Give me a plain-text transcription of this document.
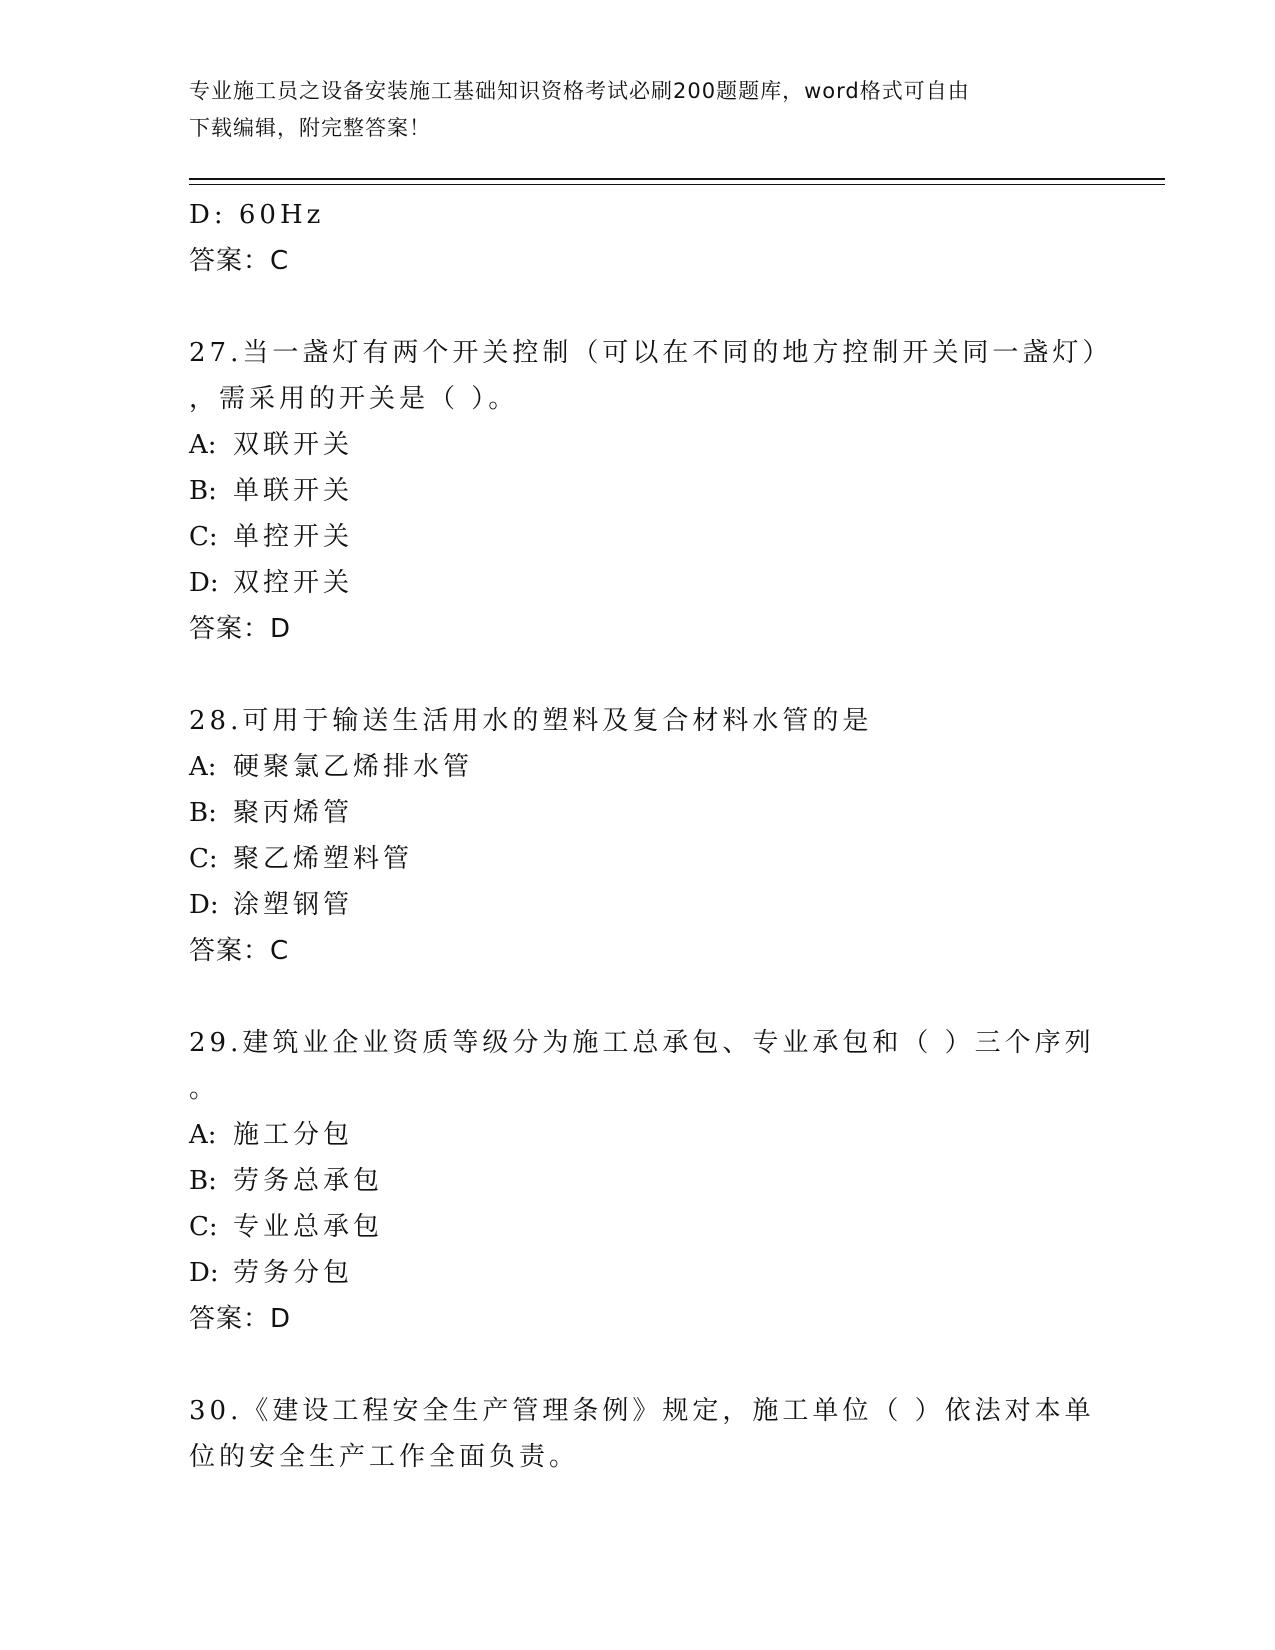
专业施工员之设备安装施工基础知识资格考试必刷200题题库，word格式可自由
下载编辑，附完整答案！
D: 60Hz
答案：C
27.当一盏灯有两个开关控制（可以在不同的地方控制开关同一盏灯）
，需采用的开关是（ ）。
A: 双联开关
B: 单联开关
C: 单控开关
D: 双控开关
答案：D
28.可用于输送生活用水的塑料及复合材料水管的是
A: 硬聚氯乙烯排水管
B: 聚丙烯管
C: 聚乙烯塑料管
D: 涂塑钢管
答案：C
29.建筑业企业资质等级分为施工总承包、专业承包和（ ）三个序列
。
A: 施工分包
B: 劳务总承包
C: 专业总承包
D: 劳务分包
答案：D
30.《建设工程安全生产管理条例》规定，施工单位（ ）依法对本单
位的安全生产工作全面负责。
